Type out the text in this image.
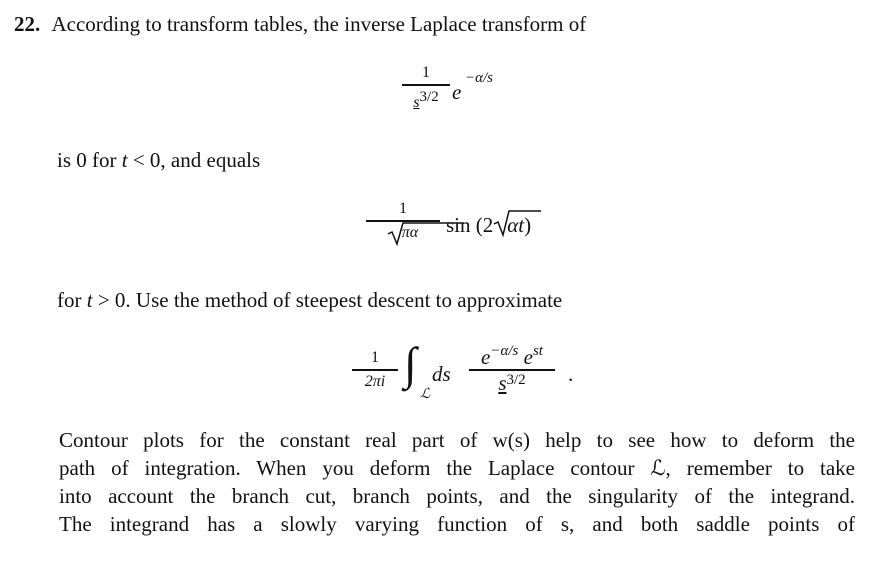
22. According to transform tables, the inverse Laplace transform of
1
s3/2 e
−α/s
is 0 for t < 0, and equals
1
πα sin (2 αt)
for t > 0. Use the method of steepest descent to approximate
1
2πi ∫
ℒ
ds
$e^{-\alpha/s}$ $e^{st}$
$s^{3/2}$	.
Contour plots for the constant real part of w(s) help to see how to deform the
path of integration. When you deform the Laplace contour ℒ, remember to take
into account the branch cut, branch points, and the singularity of the integrand.
The integrand has a slowly varying function of s, and both saddle points of
